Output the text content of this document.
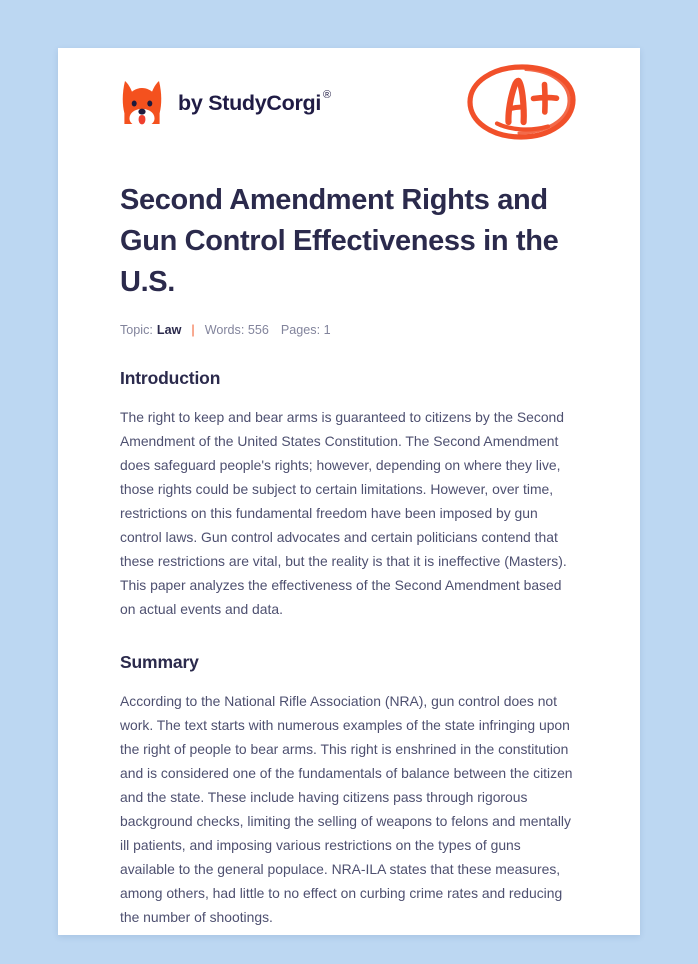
by StudyCorgi ®
Second Amendment Rights and Gun Control Effectiveness in the U.S.
Topic: Law | Words: 556 Pages: 1
Introduction

The right to keep and bear arms is guaranteed to citizens by the Second Amendment of the United States Constitution. The Second Amendment does safeguard people's rights; however, depending on where they live, those rights could be subject to certain limitations. However, over time, restrictions on this fundamental freedom have been imposed by gun control laws. Gun control advocates and certain politicians contend that these restrictions are vital, but the reality is that it is ineffective (Masters). This paper analyzes the effectiveness of the Second Amendment based on actual events and data.

Summary

According to the National Rifle Association (NRA), gun control does not work. The text starts with numerous examples of the state infringing upon the right of people to bear arms. This right is enshrined in the constitution and is considered one of the fundamentals of balance between the citizen and the state. These include having citizens pass through rigorous background checks, limiting the selling of weapons to felons and mentally ill patients, and imposing various restrictions on the types of guns available to the general populace. NRA-ILA states that these measures, among others, had little to no effect on curbing crime rates and reducing the number of shootings.
